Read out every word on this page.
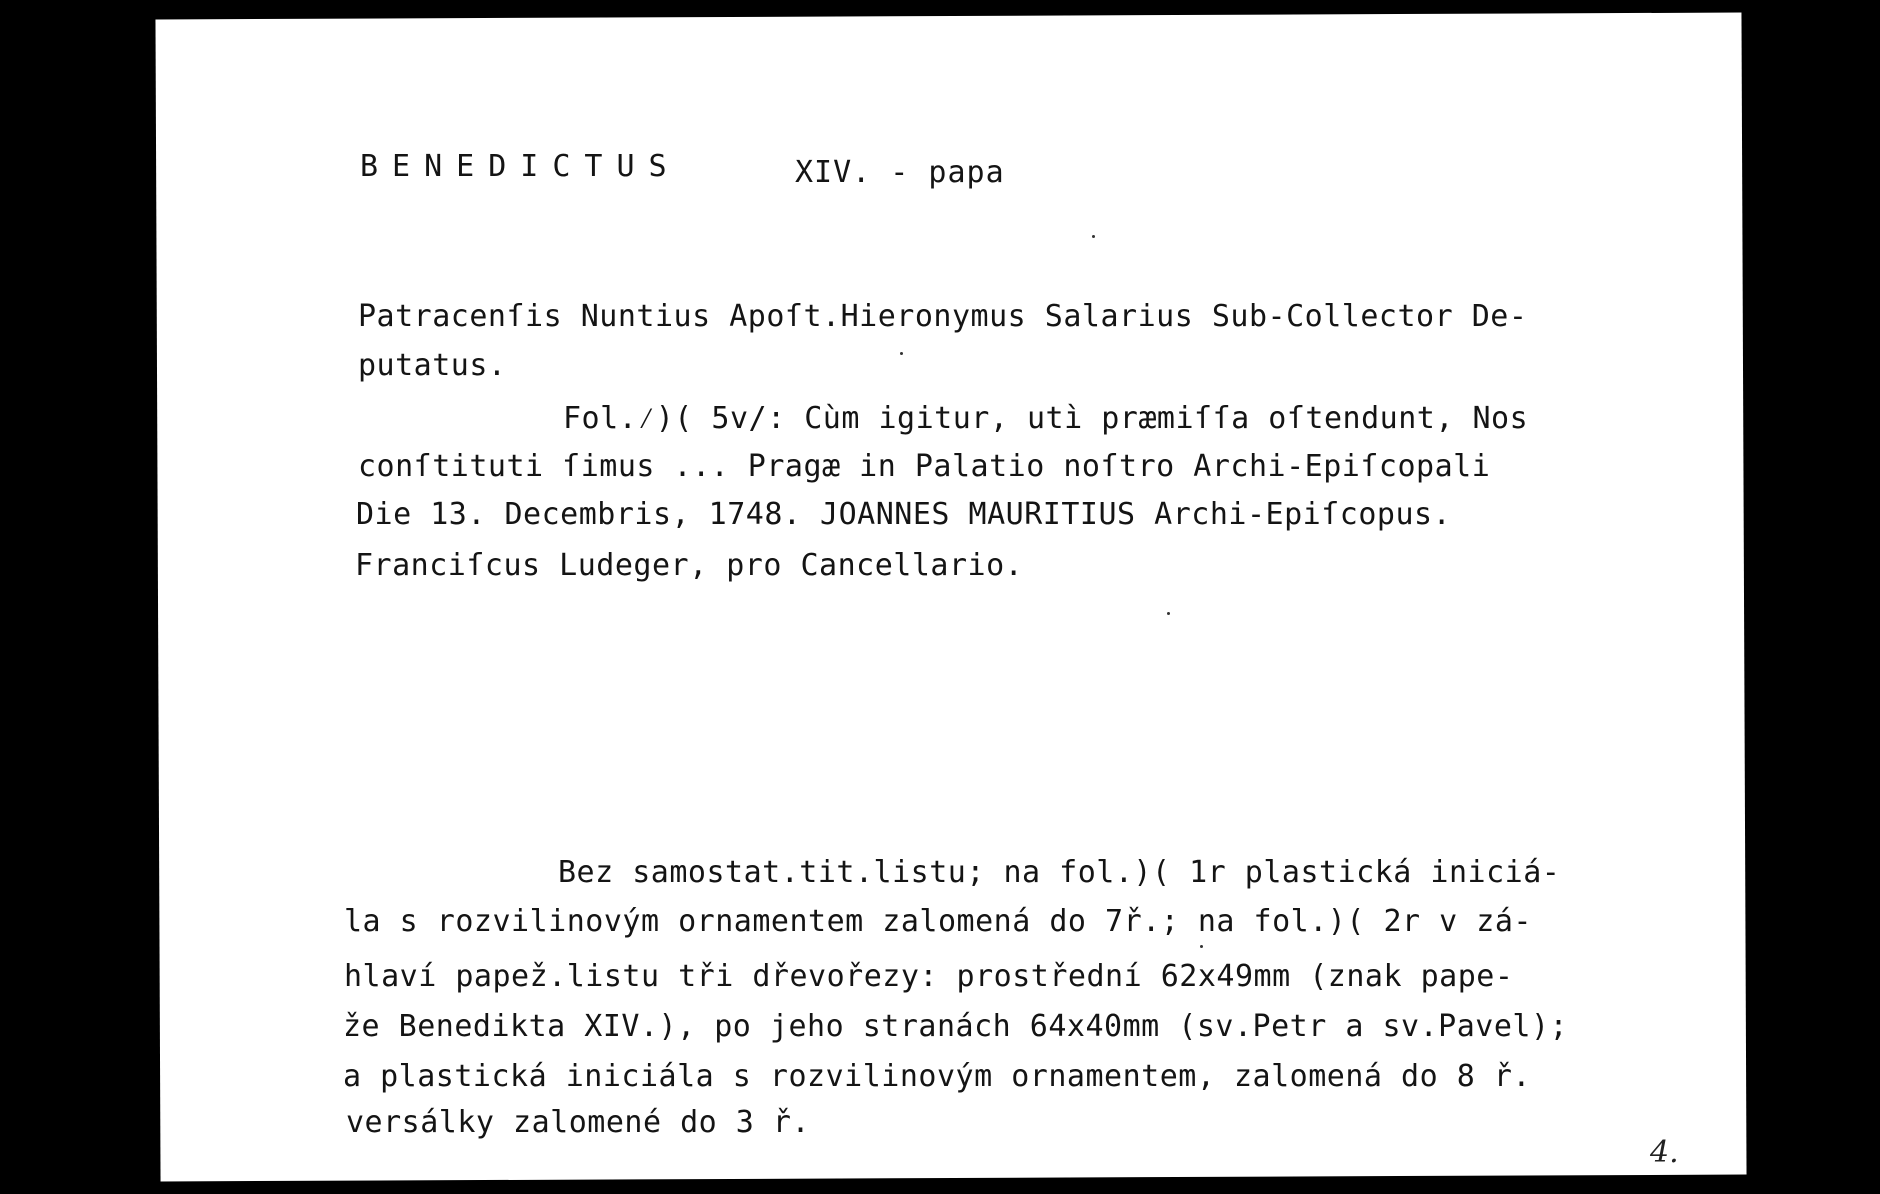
BENEDICTUS	XIV. - papa
Patracenſis Nuntius Apoſt.Hieronymus Salarius Sub-Collector De-
putatus.
Fol.⁄)( 5v/: Cùm igitur, utì præmiſſa oſtendunt, Nos
conſtituti ſimus ... Pragæ in Palatio noſtro Archi-Epiſcopali
Die 13. Decembris, 1748. JOANNES MAURITIUS Archi-Epiſcopus.
Franciſcus Ludeger, pro Cancellario.
Bez samostat.tit.listu; na fol.)( 1r plastická iniciá-
la s rozvilinovým ornamentem zalomená do 7ř.; na fol.)( 2r v zá-
hlaví papež.listu tři dřevořezy: prostřední 62x49mm (znak pape-
že Benedikta XIV.), po jeho stranách 64x40mm (sv.Petr a sv.Pavel);
a plastická iniciála s rozvilinovým ornamentem, zalomená do 8 ř.
versálky zalomené do 3 ř.
4.
